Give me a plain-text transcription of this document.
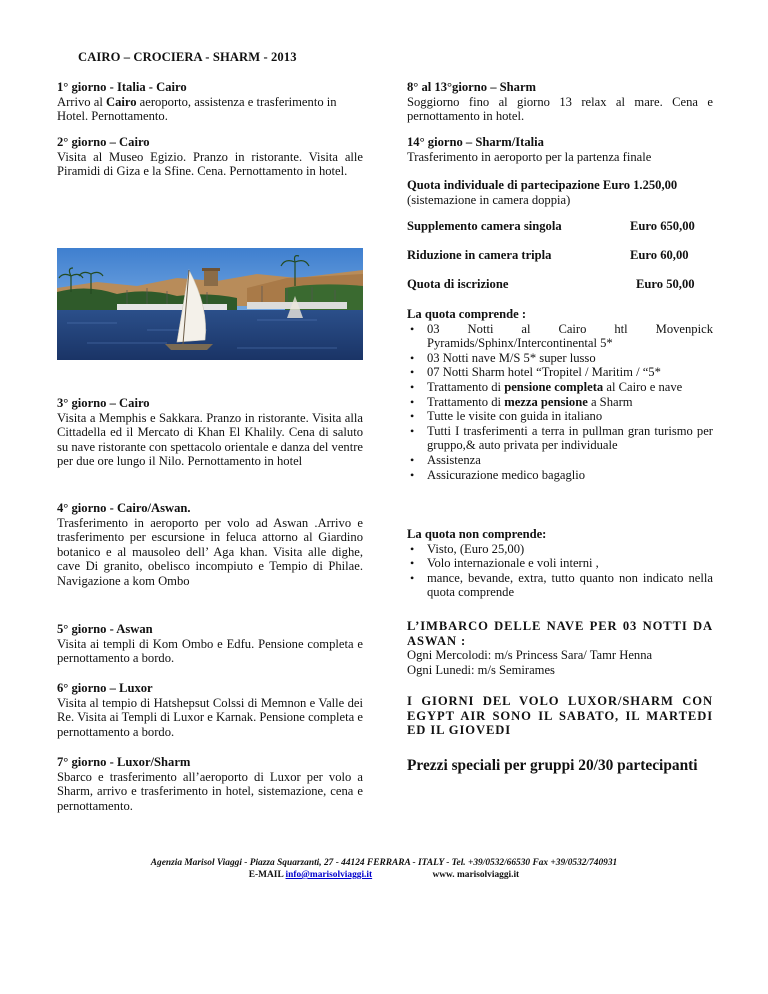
CAIRO – CROCIERA - SHARM - 2013
1° giorno - Italia - Cairo
Arrivo al Cairo aeroporto, assistenza e trasferimento in Hotel. Pernottamento.
2° giorno – Cairo
Visita al Museo Egizio. Pranzo in ristorante. Visita alle Piramidi di Giza e la Sfine. Cena. Pernottamento in hotel.
3° giorno – Cairo
Visita a Memphis e Sakkara. Pranzo in ristorante. Visita alla Cittadella ed il Mercato di Khan El Khalily. Cena di saluto su nave ristorante con spettacolo orientale e danza del ventre per due ore lungo il Nilo. Pernottamento in hotel
4° giorno - Cairo/Aswan.
Trasferimento in aeroporto per volo ad Aswan .Arrivo e trasferimento per escursione in feluca attorno al Giardino botanico e al mausoleo dell’ Aga khan. Visita alle dighe, cave Di granito, obelisco incompiuto e Tempio di Philae. Navigazione a kom Ombo
5° giorno - Aswan
Visita ai templi di Kom Ombo e Edfu. Pensione completa e pernottamento a bordo.
6° giorno – Luxor
Visita al tempio di Hatshepsut Colssi di Memnon e Valle dei Re. Visita ai Templi di Luxor e Karnak. Pensione completa e pernottamento a bordo.
7° giorno - Luxor/Sharm
Sbarco e trasferimento all’aeroporto di Luxor per volo a Sharm, arrivo e trasferimento in hotel, sistemazione, cena e pernottamento.
8° al 13°giorno – Sharm
Soggiorno fino al giorno 13 relax al mare. Cena e pernottamento in hotel.
14° giorno – Sharm/Italia
Trasferimento in aeroporto per la partenza finale
Quota individuale di partecipazione Euro 1.250,00
(sistemazione in camera doppia)
Supplemento camera singola	Euro 650,00
Riduzione in camera tripla	Euro 60,00
Quota di iscrizione	Euro 50,00
La quota comprende :
• 03 Notti al Cairo htl Movenpick Pyramids/Sphinx/Intercontinental 5*
• 03 Notti nave M/S 5* super lusso
• 07 Notti Sharm hotel “Tropitel / Maritim / “5*
• Trattamento di pensione completa al Cairo e nave
• Trattamento di mezza pensione a Sharm
• Tutte le visite con guida in italiano
• Tutti I trasferimenti a terra in pullman gran turismo per gruppo,& auto privata per individuale
• Assistenza
• Assicurazione medico bagaglio
La quota non comprende:
• Visto, (Euro 25,00)
• Volo internazionale e voli interni ,
• mance, bevande, extra, tutto quanto non indicato nella quota comprende
L’IMBARCO DELLE NAVE PER 03 NOTTI DA ASWAN :
Ogni Mercolodi: m/s Princess Sara/ Tamr Henna
Ogni Lunedi: m/s Semirames
I GIORNI DEL VOLO LUXOR/SHARM CON EGYPT AIR SONO IL SABATO, IL MARTEDI ED IL GIOVEDI
Prezzi speciali per gruppi 20/30 partecipanti
Agenzia Marisol Viaggi - Piazza Squarzanti, 27 - 44124 FERRARA - ITALY - Tel. +39/0532/66530 Fax +39/0532/740931
E-MAIL info@marisolviaggi.it	www. marisolviaggi.it
